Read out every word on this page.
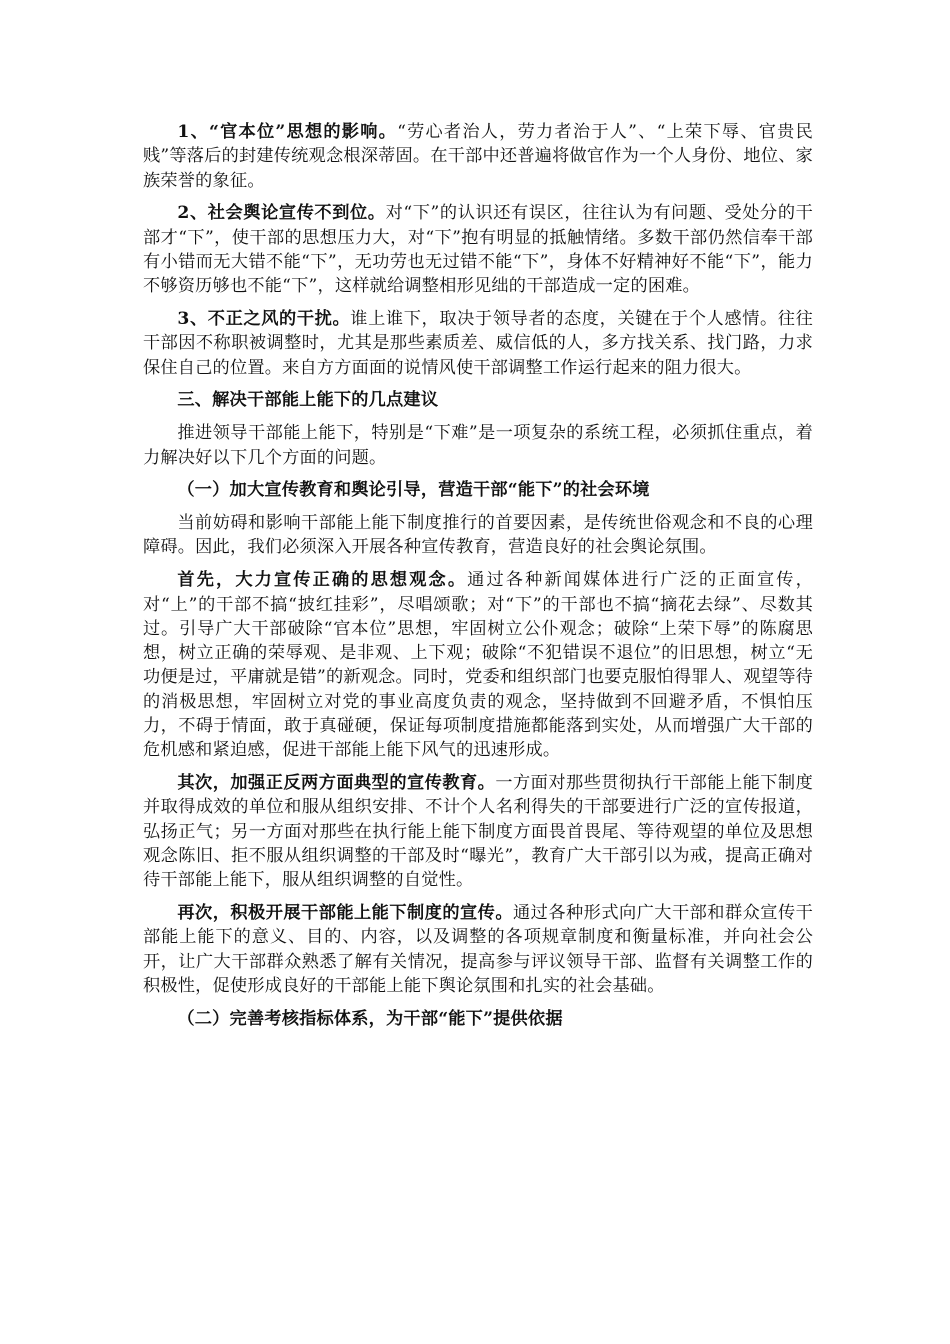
1、“官本位”思想的影响。“劳心者治人，劳力者治于人”、“上荣下辱、官贵民贱”等落后的封建传统观念根深蒂固。在干部中还普遍将做官作为一个人身份、地位、家族荣誉的象征。

2、社会舆论宣传不到位。对“下”的认识还有误区，往往认为有问题、受处分的干部才“下”，使干部的思想压力大，对“下”抱有明显的抵触情绪。多数干部仍然信奉干部有小错而无大错不能“下”，无功劳也无过错不能“下”，身体不好精神好不能“下”，能力不够资历够也不能“下”，这样就给调整相形见绌的干部造成一定的困难。

3、不正之风的干扰。谁上谁下，取决于领导者的态度，关键在于个人感情。往往干部因不称职被调整时，尤其是那些素质差、威信低的人，多方找关系、找门路，力求保住自己的位置。来自方方面面的说情风使干部调整工作运行起来的阻力很大。

三、解决干部能上能下的几点建议

推进领导干部能上能下，特别是“下难”是一项复杂的系统工程，必须抓住重点，着力解决好以下几个方面的问题。

（一）加大宣传教育和舆论引导，营造干部“能下”的社会环境

当前妨碍和影响干部能上能下制度推行的首要因素，是传统世俗观念和不良的心理障碍。因此，我们必须深入开展各种宣传教育，营造良好的社会舆论氛围。

首先，大力宣传正确的思想观念。通过各种新闻媒体进行广泛的正面宣传，对“上”的干部不搞“披红挂彩”，尽唱颂歌；对“下”的干部也不搞“摘花去绿”、尽数其过。引导广大干部破除“官本位”思想，牢固树立公仆观念；破除“上荣下辱”的陈腐思想，树立正确的荣辱观、是非观、上下观；破除“不犯错误不退位”的旧思想，树立“无功便是过，平庸就是错”的新观念。同时，党委和组织部门也要克服怕得罪人、观望等待的消极思想，牢固树立对党的事业高度负责的观念，坚持做到不回避矛盾，不惧怕压力，不碍于情面，敢于真碰硬，保证每项制度措施都能落到实处，从而增强广大干部的危机感和紧迫感，促进干部能上能下风气的迅速形成。

其次，加强正反两方面典型的宣传教育。一方面对那些贯彻执行干部能上能下制度并取得成效的单位和服从组织安排、不计个人名利得失的干部要进行广泛的宣传报道，弘扬正气；另一方面对那些在执行能上能下制度方面畏首畏尾、等待观望的单位及思想观念陈旧、拒不服从组织调整的干部及时“曝光”，教育广大干部引以为戒，提高正确对待干部能上能下，服从组织调整的自觉性。

再次，积极开展干部能上能下制度的宣传。通过各种形式向广大干部和群众宣传干部能上能下的意义、目的、内容，以及调整的各项规章制度和衡量标准，并向社会公开，让广大干部群众熟悉了解有关情况，提高参与评议领导干部、监督有关调整工作的积极性，促使形成良好的干部能上能下舆论氛围和扎实的社会基础。

（二）完善考核指标体系，为干部“能下”提供依据
